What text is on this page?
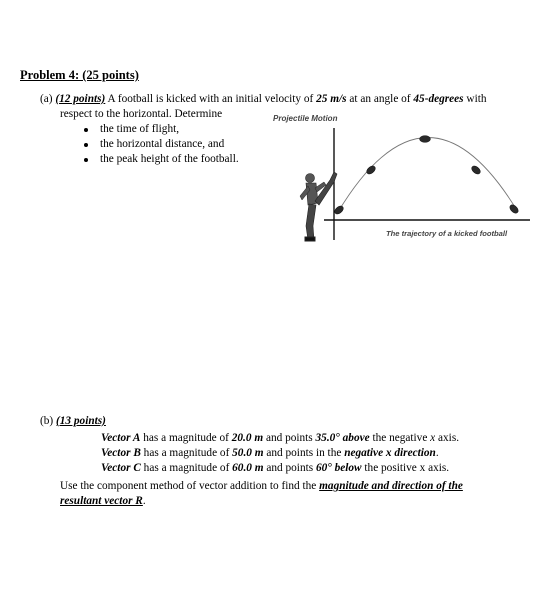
Problem 4: (25 points)
(a) (12 points) A football is kicked with an initial velocity of 25 m/s at an angle of 45-degrees with
respect to the horizontal. Determine
the time of flight,
the horizontal distance, and
the peak height of the football.
Projectile Motion
The trajectory of a kicked football
(b) (13 points)
Vector A has a magnitude of 20.0 m and points 35.0° above the negative x axis.
Vector B has a magnitude of 50.0 m and points in the negative x direction.
Vector C has a magnitude of 60.0 m and points 60° below the positive x axis.
Use the component method of vector addition to find the magnitude and direction of the
resultant vector R.
